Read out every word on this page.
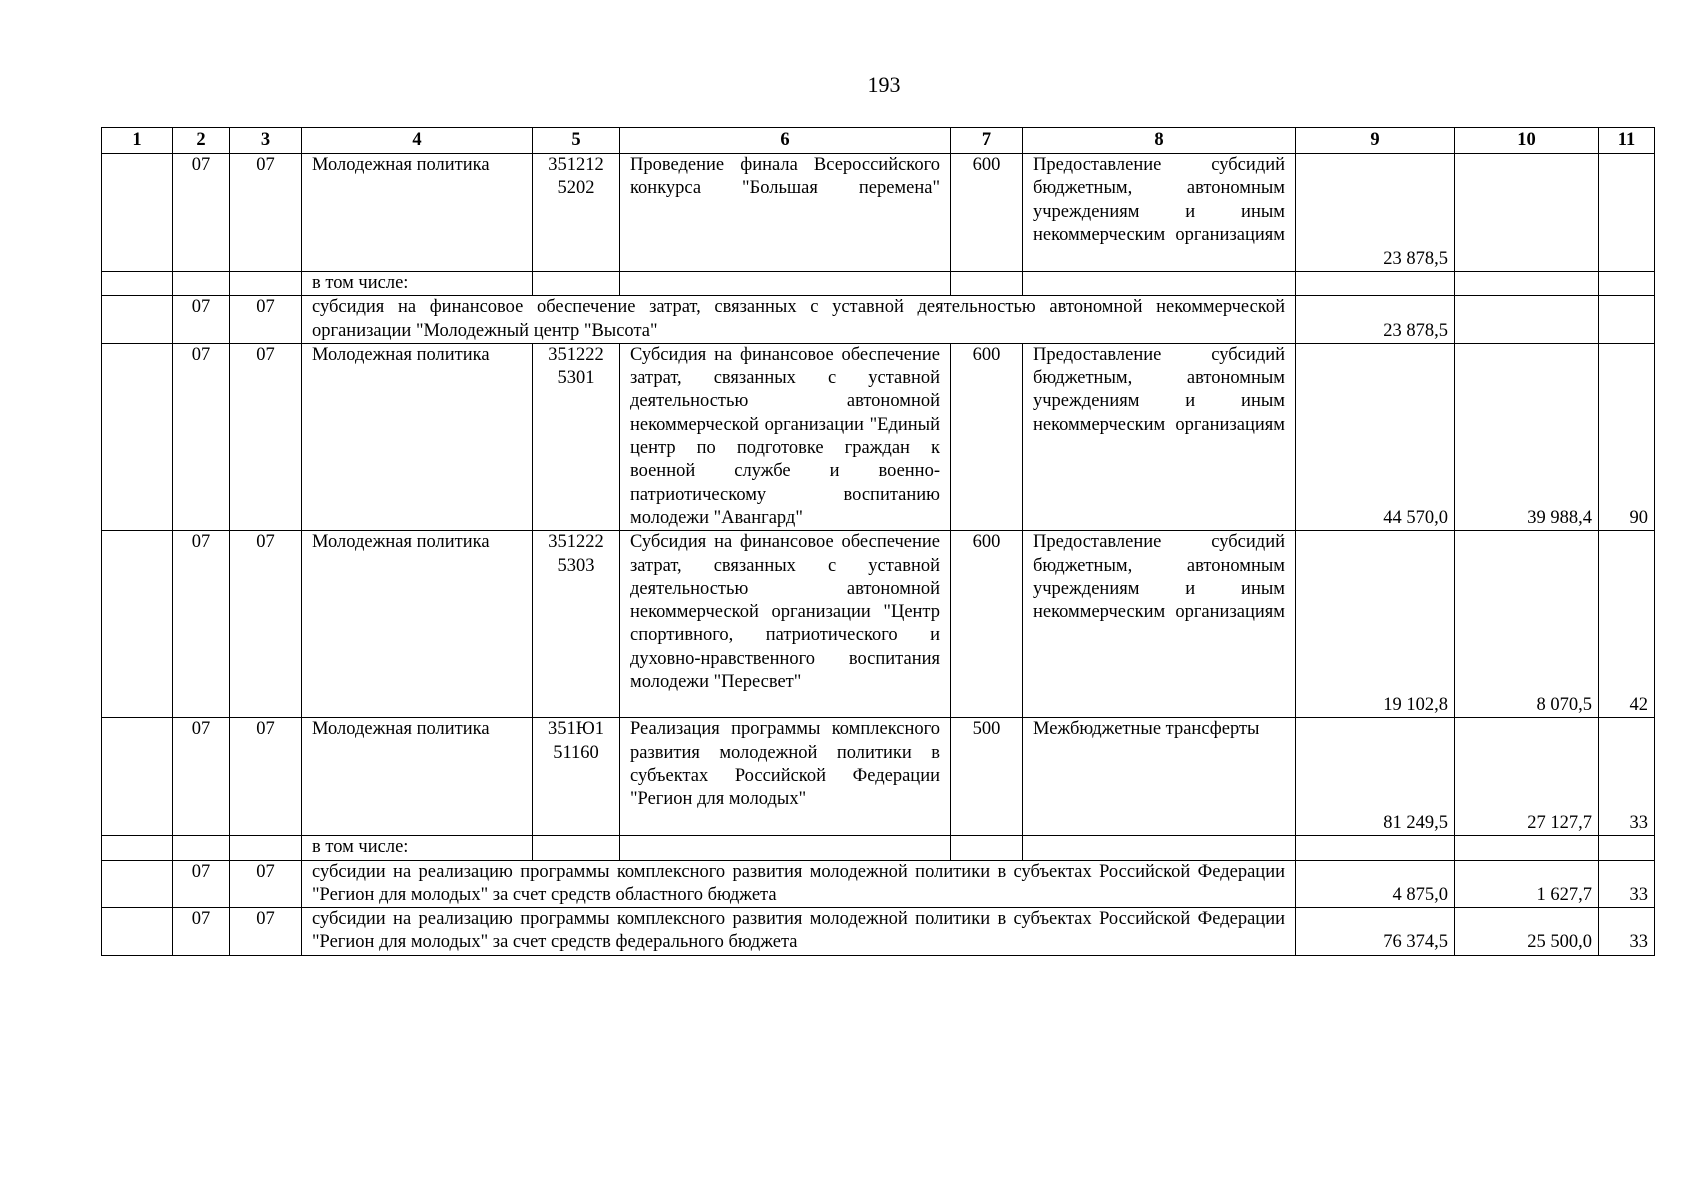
193
1	2	3	4	5	6	7	8	9	10	11
	07	07	Молодежная политика	351212 5202	Проведение финала Всероссийского конкурса "Большая перемена"	600	Предоставление субсидий бюджетным, автономным учреждениям и иным некоммерческим организациям	23 878,5		
			в том числе:							
	07	07	субсидия на финансовое обеспечение затрат, связанных с уставной деятельностью автономной некоммерческой организации "Молодежный центр "Высота"					23 878,5		
	07	07	Молодежная политика	351222 5301	Субсидия на финансовое обеспечение затрат, связанных с уставной деятельностью автономной некоммерческой организации "Единый центр по подготовке граждан к военной службе и военно-патриотическому воспитанию молодежи "Авангард"	600	Предоставление субсидий бюджетным, автономным учреждениям и иным некоммерческим организациям	44 570,0	39 988,4	90
	07	07	Молодежная политика	351222 5303	Субсидия на финансовое обеспечение затрат, связанных с уставной деятельностью автономной некоммерческой организации "Центр спортивного, патриотического и духовно-нравственного воспитания молодежи "Пересвет"	600	Предоставление субсидий бюджетным, автономным учреждениям и иным некоммерческим организациям	19 102,8	8 070,5	42
	07	07	Молодежная политика	351Ю1 51160	Реализация программы комплексного развития молодежной политики в субъектах Российской Федерации "Регион для молодых"	500	Межбюджетные трансферты	81 249,5	27 127,7	33
			в том числе:							
	07	07	субсидии на реализацию программы комплексного развития молодежной политики в субъектах Российской Федерации "Регион для молодых" за счет средств областного бюджета					4 875,0	1 627,7	33
	07	07	субсидии на реализацию программы комплексного развития молодежной политики в субъектах Российской Федерации "Регион для молодых" за счет средств федерального бюджета					76 374,5	25 500,0	33
